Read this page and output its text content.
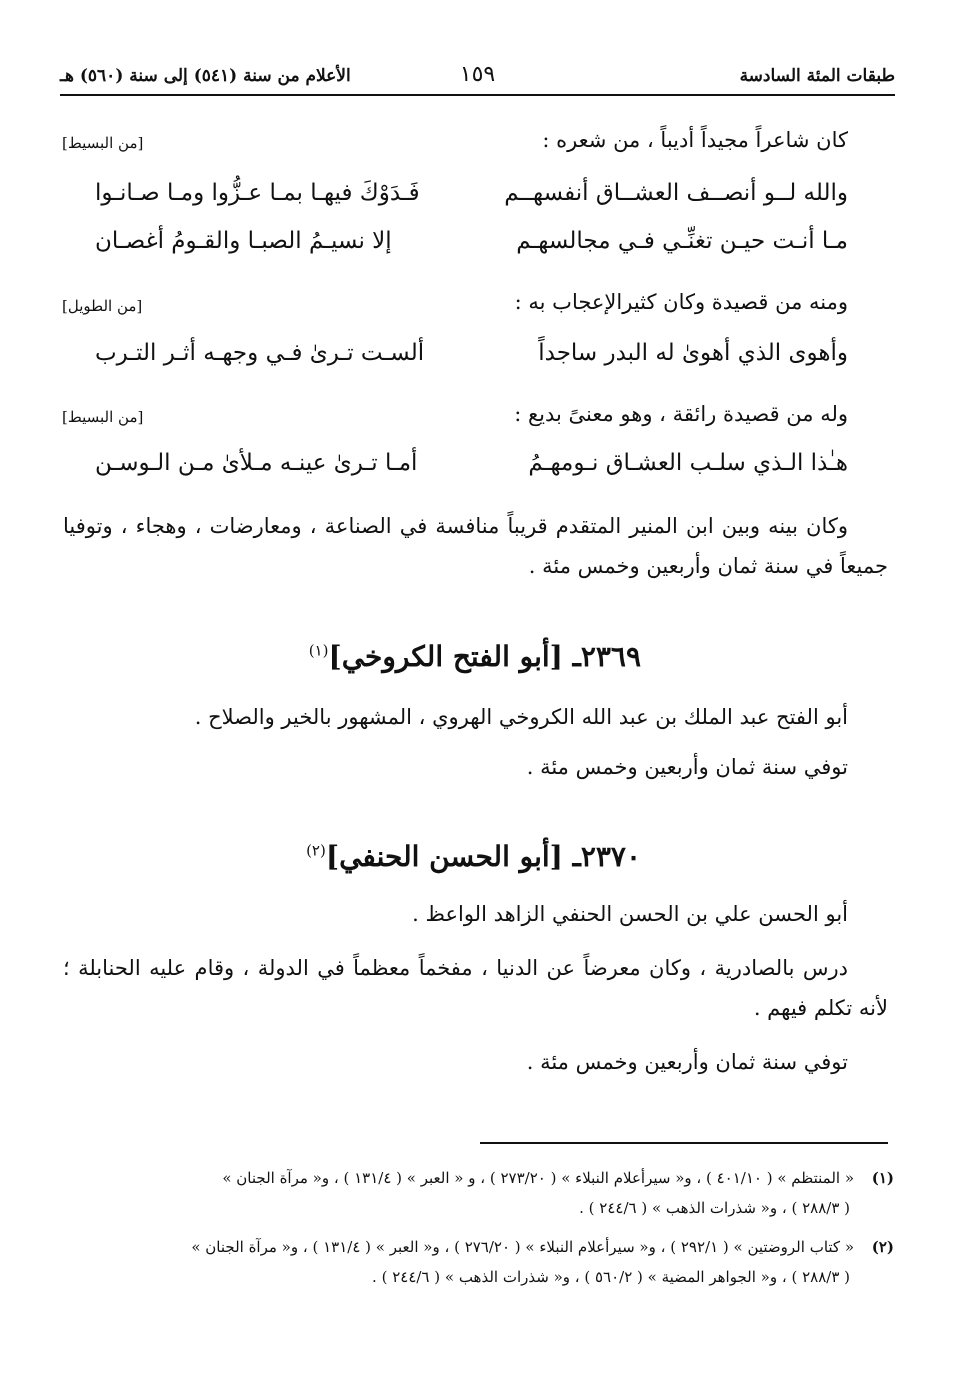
طبقات المئة السادسة
١٥٩
الأعلام من سنة (٥٤١) إلى سنة (٥٦٠) هـ
كان شاعراً مجيداً أديباً ، من شعره :
[من البسيط]
والله لــو أنصــف العشــاق أنفسهــم
فَـدَوْكَ فيهـا بمـا عـزُّوا ومـا صـانـوا
مـا أنـت حيـن تغنِّـي فـي مجالسهـم
إلا نسيـمُ الصبـا والقـومُ أغصـان
ومنه من قصيدة وكان كثيرالإعجاب به :
[من الطويل]
وأهوى الذي أهوىٰ له البدر ساجداً
ألسـت تـرىٰ فـي وجهـه أثـر التـرب
وله من قصيدة رائقة ، وهو معنىً بديع :
[من البسيط]
هـٰذا الـذي سلـب العشـاق نـومهـمُ
أمـا تـرىٰ عينـه مـلأىٰ مـن الـوسـن
وكان بينه وبين ابن المنير المتقدم قريباً منافسة في الصناعة ، ومعارضات ، وهجاء ، وتوفيا جميعاً في سنة ثمان وأربعين وخمس مئة .
٢٣٦٩ـ [أبو الفتح الكروخي]$^{(١)}$
أبو الفتح عبد الملك بن عبد الله الكروخي الهروي ، المشهور بالخير والصلاح .
توفي سنة ثمان وأربعين وخمس مئة .
٢٣٧٠ـ [أبو الحسن الحنفي]$^{(٢)}$
أبو الحسن علي بن الحسن الحنفي الزاهد الواعظ .
درس بالصادرية ، وكان معرضاً عن الدنيا ، مفخماً معظماً في الدولة ، وقام عليه الحنابلة ؛ لأنه تكلم فيهم .
توفي سنة ثمان وأربعين وخمس مئة .
(١)« المنتظم » ( ٤٠١/١٠ ) ، و« سيرأعلام النبلاء » ( ٢٧٣/٢٠ ) ، و « العبر » ( ١٣١/٤ ) ، و« مرآة الجنان »
( ٢٨٨/٣ ) ، و« شذرات الذهب » ( ٢٤٤/٦ ) .
(٢)« كتاب الروضتين » ( ٢٩٢/١ ) ، و« سيرأعلام النبلاء » ( ٢٧٦/٢٠ ) ، و« العبر » ( ١٣١/٤ ) ، و« مرآة الجنان »
( ٢٨٨/٣ ) ، و« الجواهر المضية » ( ٥٦٠/٢ ) ، و« شذرات الذهب » ( ٢٤٤/٦ ) .
